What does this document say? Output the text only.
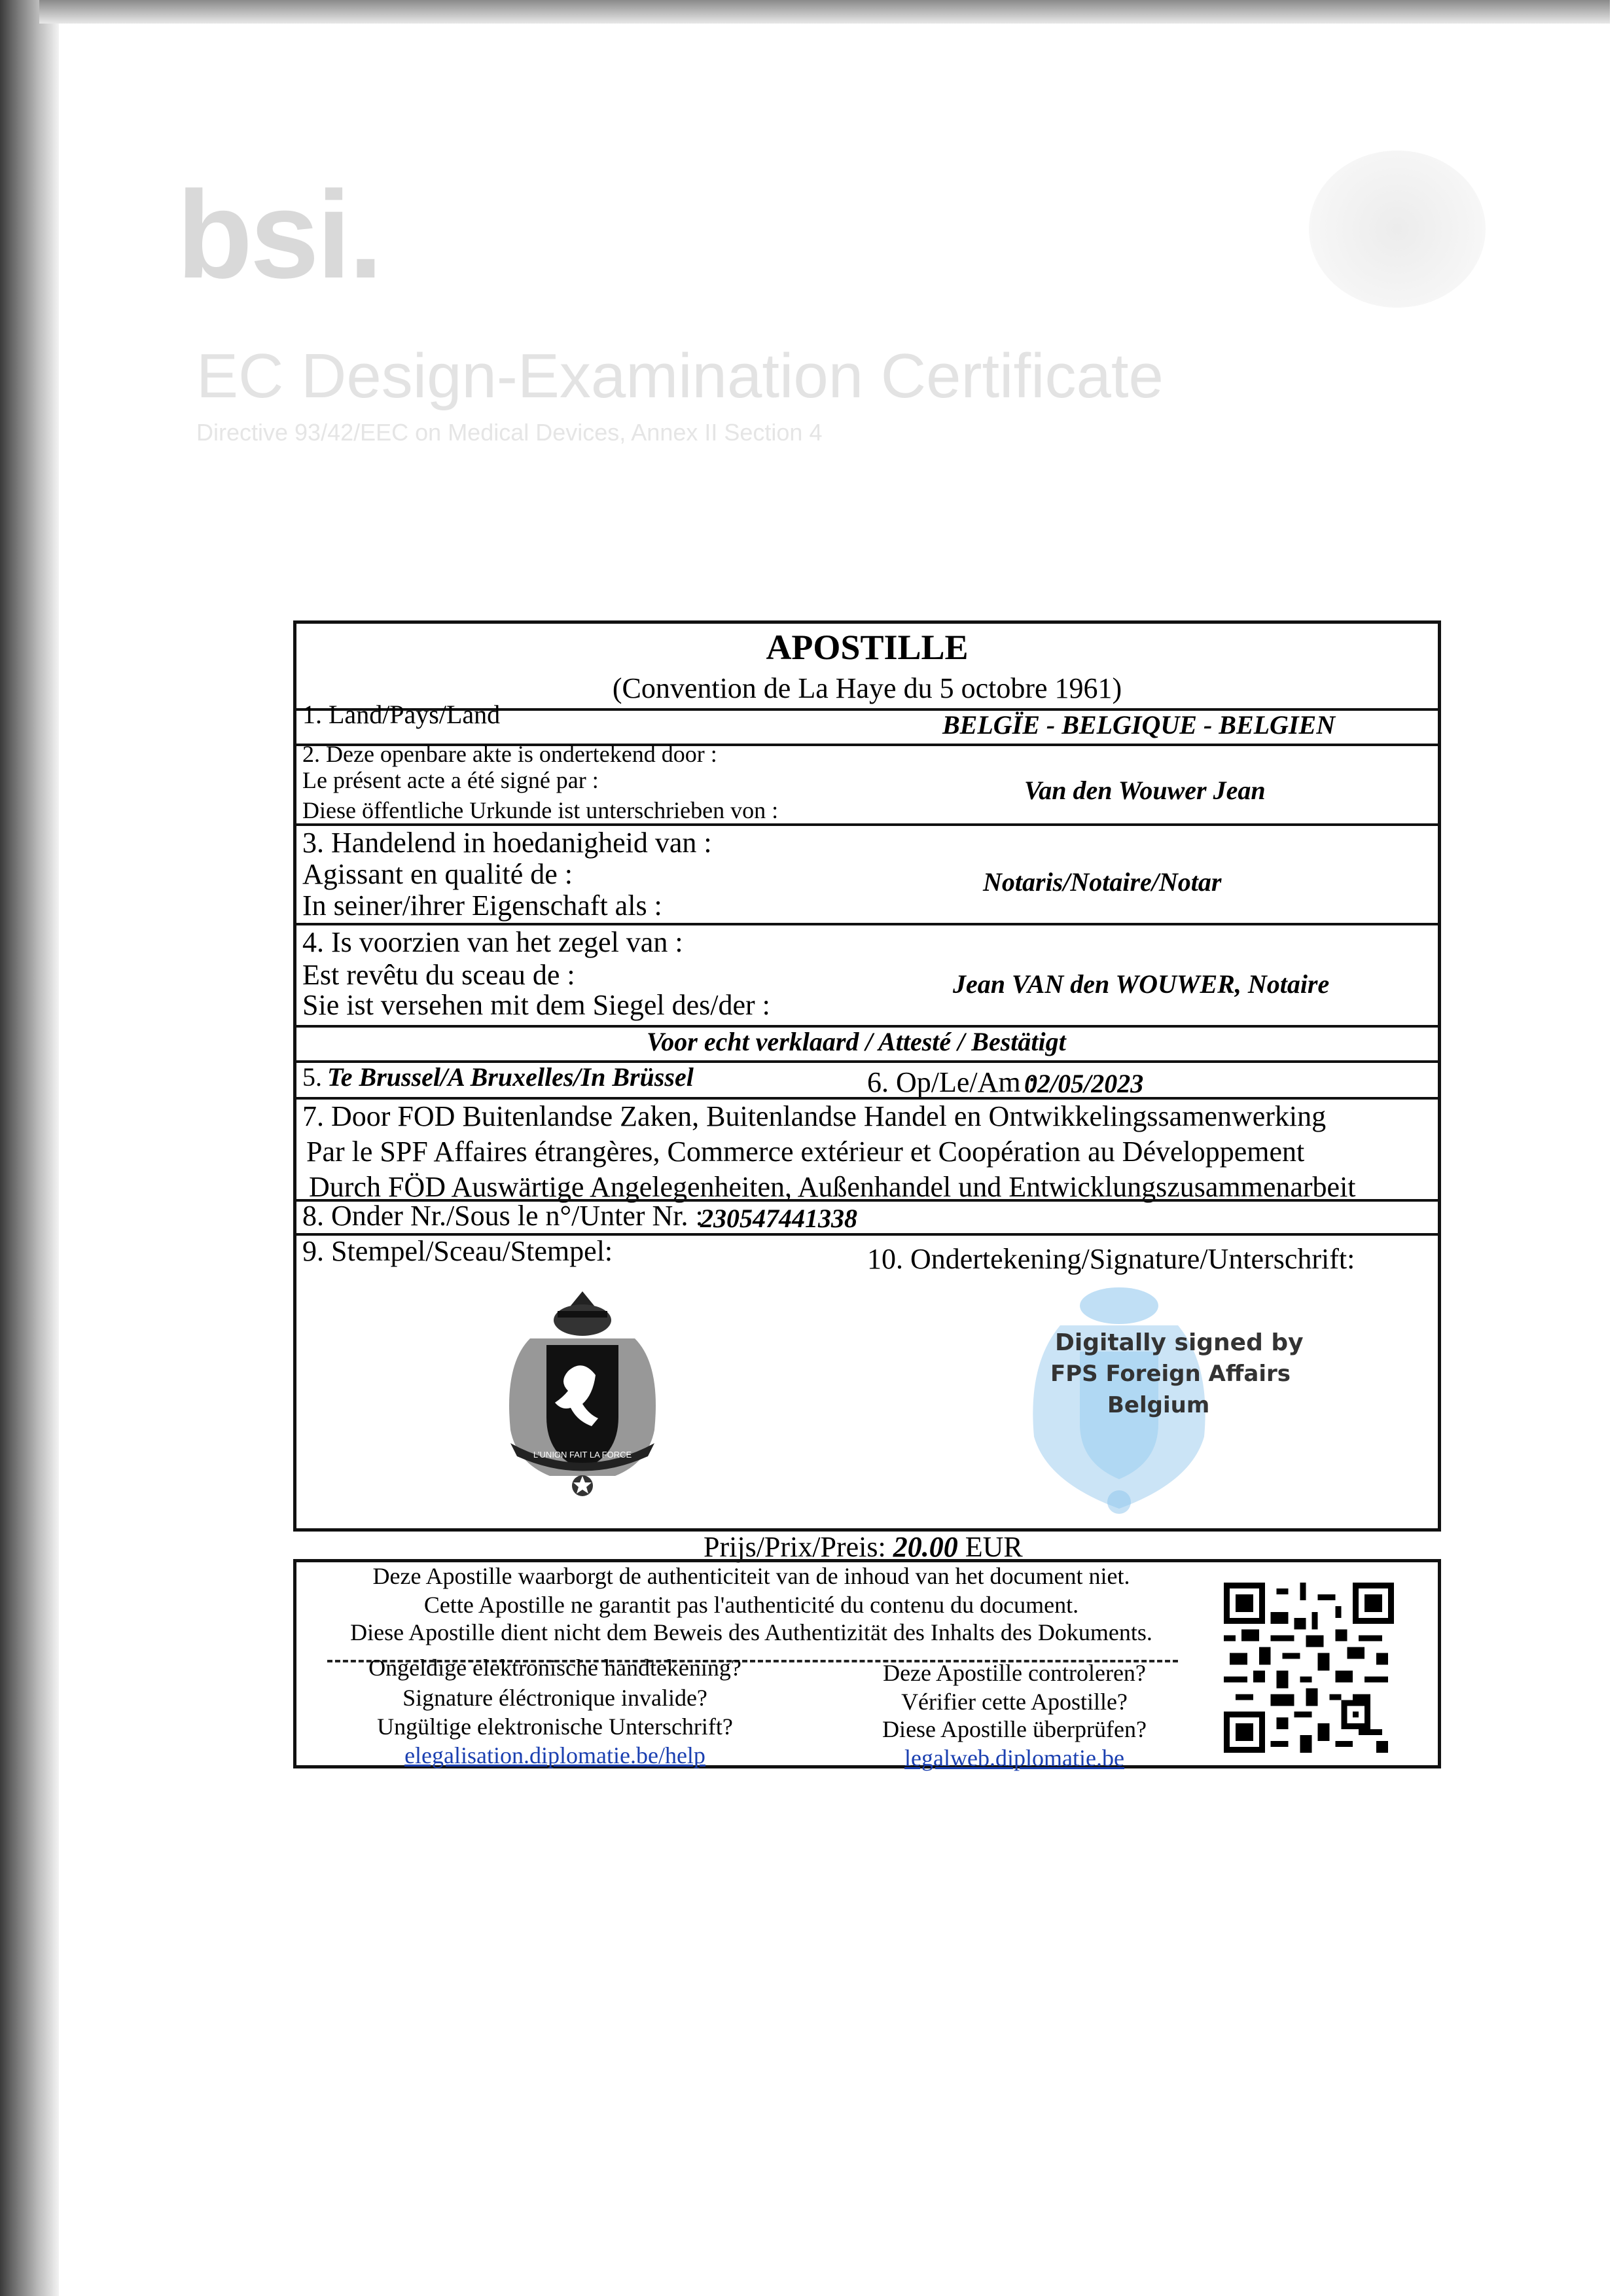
bsi.
EC Design-Examination Certificate
Directive 93/42/EEC on Medical Devices, Annex II Section 4
APOSTILLE
(Convention de La Haye du 5 octobre 1961)
1. Land/Pays/Land	BELGÏE - BELGIQUE - BELGIEN
2. Deze openbare akte is ondertekend door :
Le présent acte a été signé par :
Diese öffentliche Urkunde ist unterschrieben von :
Van den Wouwer Jean
3. Handelend in hoedanigheid van :
Agissant en qualité de :
In seiner/ihrer Eigenschaft als :
Notaris/Notaire/Notar
4. Is voorzien van het zegel van :
Est revêtu du sceau de :
Sie ist versehen mit dem Siegel des/der :
Jean VAN den WOUWER, Notaire
Voor echt verklaard / Attesté / Bestätigt
5. Te Brussel/A Bruxelles/In Brüssel	6. Op/Le/Am :
02/05/2023
7. Door FOD Buitenlandse Zaken, Buitenlandse Handel en Ontwikkelingssamenwerking
Par le SPF Affaires étrangères, Commerce extérieur et Coopération au Développement
Durch FÖD Auswärtige Angelegenheiten, Außenhandel und Entwicklungszusammenarbeit
8. Onder Nr./Sous le n°/Unter Nr. :
230547441338
9. Stempel/Sceau/Stempel:	10. Ondertekening/Signature/Unterschrift:
L'UNION FAIT LA FORCE
Digitally signed by
FPS Foreign Affairs
Belgium
Prijs/Prix/Preis: 20.00 EUR
Deze Apostille waarborgt de authenticiteit van de inhoud van het document niet.
Cette Apostille ne garantit pas l'authenticité du contenu du document.
Diese Apostille dient nicht dem Beweis des Authentizität des Inhalts des Dokuments.
Ongeldige elektronische handtekening?
Signature éléctronique invalide?
Ungültige elektronische Unterschrift?
elegalisation.diplomatie.be/help
Deze Apostille controleren?
Vérifier cette Apostille?
Diese Apostille überprüfen?
legalweb.diplomatie.be
